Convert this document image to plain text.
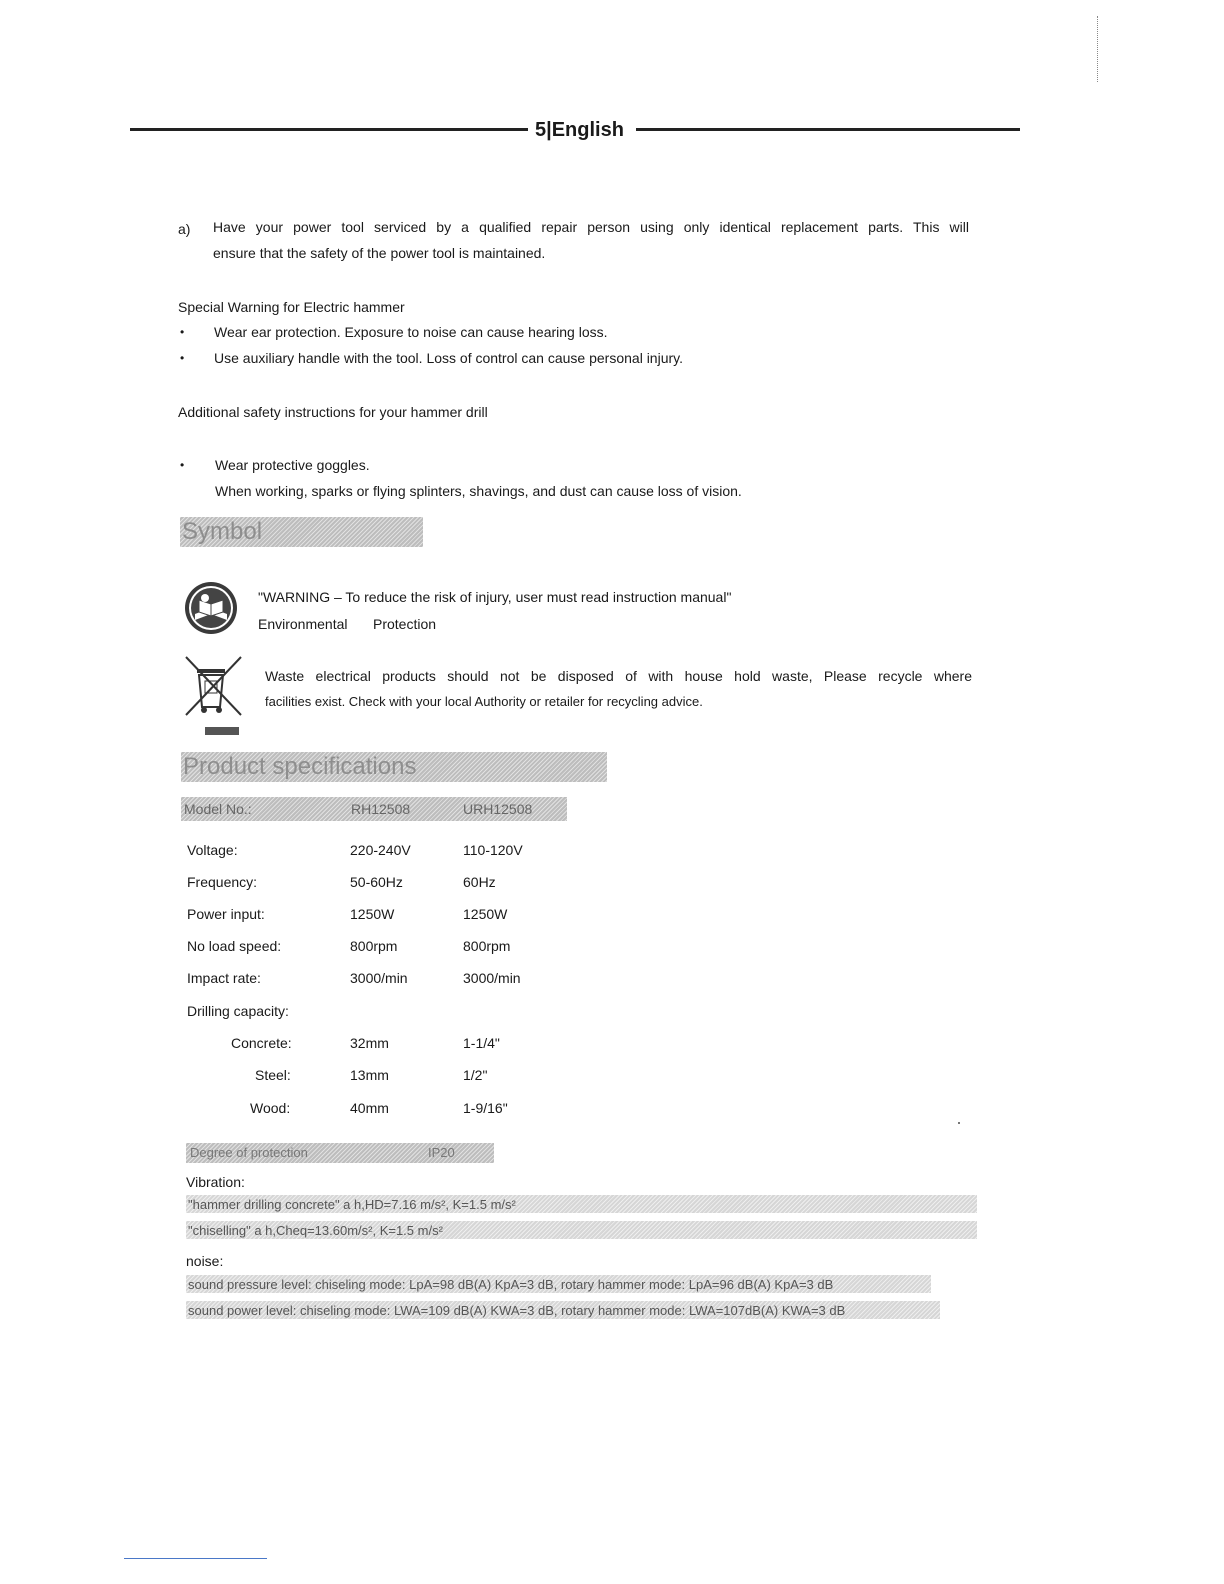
5|English
a) Have your power tool serviced by a qualified repair person using only identical replacement parts. This will
ensure that the safety of the power tool is maintained.
Special Warning for Electric hammer
• Wear ear protection. Exposure to noise can cause hearing loss.
• Use auxiliary handle with the tool. Loss of control can cause personal injury.
Additional safety instructions for your hammer drill
• Wear protective goggles.
When working, sparks or flying splinters, shavings, and dust can cause loss of vision.
Symbol
"WARNING – To reduce the risk of injury, user must read instruction manual"
Environmental Protection
Waste electrical products should not be disposed of with house hold waste, Please recycle where
facilities exist. Check with your local Authority or retailer for recycling advice.
Product specifications
Model No.:	RH12508	URH12508
Voltage:	220-240V	110-120V
Frequency:	50-60Hz	60Hz
Power input:	1250W	1250W
No load speed:	800rpm	800rpm
Impact rate:	3000/min	3000/min
Drilling capacity:
Concrete:	32mm	1-1/4"
Steel:	13mm	1/2"
Wood:	40mm	1-9/16"
Degree of protection	IP20
Vibration:
"hammer drilling concrete" a h,HD=7.16 m/s², K=1.5 m/s²
"chiselling" a h,Cheq=13.60m/s², K=1.5 m/s²
noise:
sound pressure level: chiseling mode: LpA=98 dB(A) KpA=3 dB, rotary hammer mode: LpA=96 dB(A) KpA=3 dB
sound power level: chiseling mode: LWA=109 dB(A) KWA=3 dB, rotary hammer mode: LWA=107dB(A) KWA=3 dB
